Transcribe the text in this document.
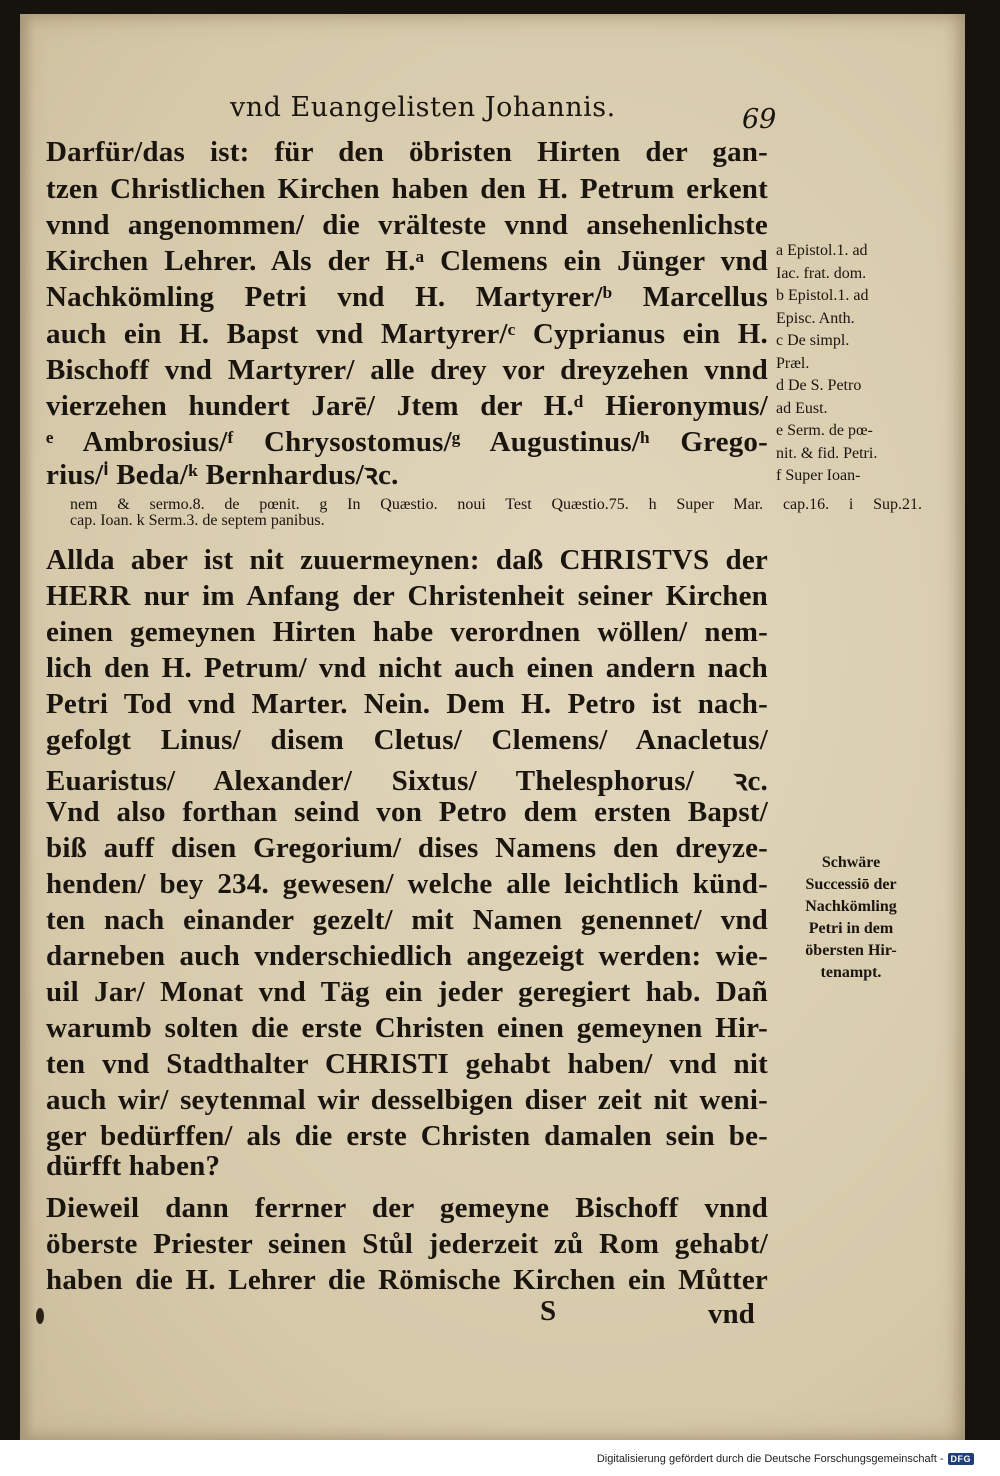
vnd Euangelisten Johannis.	69
Darfür/das ist: für den öbristen Hirten der gan-
tzen Christlichen Kirchen haben den H. Petrum erkent
vnnd angenommen/ die vrälteste vnnd ansehenlichste
Kirchen Lehrer. Als der H.ᵃ Clemens ein Jünger vnd
Nachkömling Petri vnd H. Martyrer/ᵇ Marcellus
auch ein H. Bapst vnd Martyrer/ᶜ Cyprianus ein H.
Bischoff vnd Martyrer/ alle drey vor dreyzehen vnnd
vierzehen hundert Jarē/ Jtem der H.ᵈ Hieronymus/
ᵉ Ambrosius/ᶠ Chrysostomus/ᵍ Augustinus/ʰ Grego-
rius/ⁱ Beda/ᵏ Bernhardus/ꝛc.
a Epistol.1. ad
Iac. frat. dom.
b Epistol.1. ad
Episc. Anth.
c De simpl.
Præl.
d De S. Petro
ad Eust.
e Serm. de pœ-
nit. & fid. Petri.
f Super Ioan-
nem & sermo.8. de pœnit. g In Quæstio. noui Test Quæstio.75. h Super Mar. cap.16. i Sup.21.
cap. Ioan. k Serm.3. de septem panibus.
Allda aber ist nit zuuermeynen: daß CHRISTVS der
HERR nur im Anfang der Christenheit seiner Kirchen
einen gemeynen Hirten habe verordnen wöllen/ nem-
lich den H. Petrum/ vnd nicht auch einen andern nach
Petri Tod vnd Marter. Nein. Dem H. Petro ist nach-
gefolgt Linus/ disem Cletus/ Clemens/ Anacletus/
Euaristus/ Alexander/ Sixtus/ Thelesphorus/ ꝛc.
Vnd also forthan seind von Petro dem ersten Bapst/
biß auff disen Gregorium/ dises Namens den dreyze-
henden/ bey 234. gewesen/ welche alle leichtlich künd-
ten nach einander gezelt/ mit Namen genennet/ vnd
darneben auch vnderschiedlich angezeigt werden: wie-
uil Jar/ Monat vnd Täg ein jeder geregiert hab. Dañ
warumb solten die erste Christen einen gemeynen Hir-
ten vnd Stadthalter CHRISTI gehabt haben/ vnd nit
auch wir/ seytenmal wir desselbigen diser zeit nit weni-
ger bedürffen/ als die erste Christen damalen sein be-
dürfft haben?
Schwäre
Successiō der
Nachkömling
Petri in dem
öbersten Hir-
tenampt.
Dieweil dann ferrner der gemeyne Bischoff vnnd
öberste Priester seinen Stůl jederzeit zů Rom gehabt/
haben die H. Lehrer die Römische Kirchen ein Můtter
S	vnd
Digitalisierung gefördert durch die Deutsche Forschungsgemeinschaft - DFG
